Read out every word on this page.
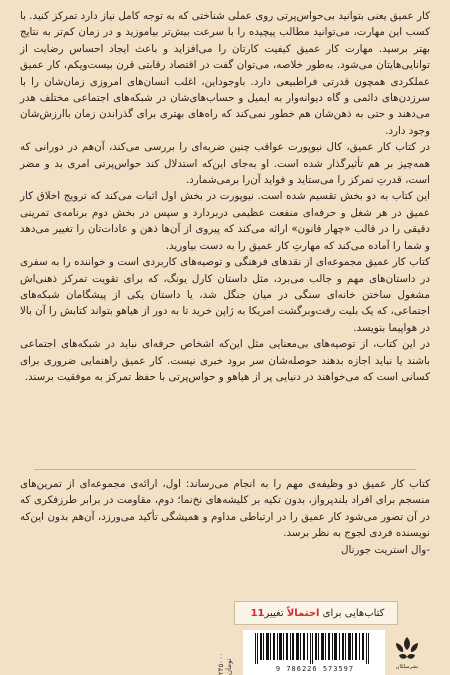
کار عمیق یعنی بتوانید بی‌حواس‌پرتی روی عملی شناختی که به توجه کامل نیاز دارد تمرکز کنید. با کسب این مهارت، می‌توانید مطالب پیچیده را با سرعت بیش‌تر بیاموزید و در زمان کم‌تر به نتایج بهتر برسید. مهارت کار عمیق کیفیت کارتان را می‌افزاید و باعث ایجاد احساس رضایت از توانایی‌هایتان می‌شود. به‌طور خلاصه، می‌توان گفت در اقتصاد رقابتی قرن بیست‌ویکم، کار عمیق عملکردی همچون قدرتی فراطبیعی دارد. باوجوداین، اغلب انسان‌های امروزی زمان‌شان را با سرزدن‌های دائمی و گاه دیوانه‌وار به ایمیل و حساب‌های‌شان در شبکه‌های اجتماعی مختلف هدر می‌دهند و حتی به ذهن‌شان هم خطور نمی‌کند که راه‌های بهتری برای گذراندن زمان باارزش‌شان وجود دارد.

در کتاب کار عمیق، کال نیوپورت عواقب چنین ضربه‌ای را بررسی می‌کند، آن‌هم در دورانی که همه‌چیز بر هم تأثیرگذار شده است. او به‌جای این‌که استدلال کند حواس‌پرتی امری بد و مضر است، قدرتِ تمرکز را می‌ستاید و فواید آن‌را برمی‌شمارد.

این کتاب به دو بخش تقسیم شده است. نیوپورت در بخش اول اثبات می‌کند که ترویج اخلاق کار عمیق در هر شغل و حرفه‌ای منفعت عظیمی دربردارد و سپس در بخش دوم برنامه‌ی تمرینی دقیقی را در قالب «چهار قانون» ارائه می‌کند که پیروی از آن‌ها ذهن و عادات‌تان را تغییر می‌دهد و شما را آماده می‌کند که مهارتِ کار عمیق را به دست بیاورید.

کتاب کار عمیق مجموعه‌ای از نقدهای فرهنگی و توصیه‌های کاربردی است و خواننده را به سفری در داستان‌های مهم و جالب می‌برد، مثل داستان کارل یونگ، که برای تقویت تمرکز ذهنی‌اش مشغول ساختن خانه‌ای سنگی در میان جنگل شد، یا داستان یکی از پیشگامان شبکه‌های اجتماعی، که یک بلیت رفت‌وبرگشت امریکا به ژاپن خرید تا به دور از هیاهو بتواند کتابش را آن بالا در هواپیما بنویسد.

در این کتاب، از توصیه‌های بی‌معنایی مثل این‌که اشخاص حرفه‌ای نباید در شبکه‌های اجتماعی باشند یا نباید اجازه بدهند حوصله‌شان سر برود خبری نیست. کار عمیق راهنمایی ضروری برای کسانی است که می‌خواهند در دنیایی پر از هیاهو و حواس‌پرتی با حفظ تمرکز به موفقیت برسند.

کتاب کار عمیق دو وظیفه‌ی مهم را به انجام می‌رساند: اول، ارائه‌ی مجموعه‌ای از تمرین‌های منسجم برای افراد بلندپرواز، بدون تکیه بر کلیشه‌های نخ‌نما؛ دوم، مقاومت در برابر طرز‌فکری که در آن تصور می‌شود کار عمیق را در ارتباطی مداوم و همیشگی تأکید می‌ورزد، آن‌هم بدون این‌که نویسنده فردی لجوج به نظر برسد.

-وال استریت جورنال
کتاب‌هایی برای

احتمالاً

تغییر
11
۲۴۵۰۰۰ تومان	9 786226 573597	نشرمیلکان
